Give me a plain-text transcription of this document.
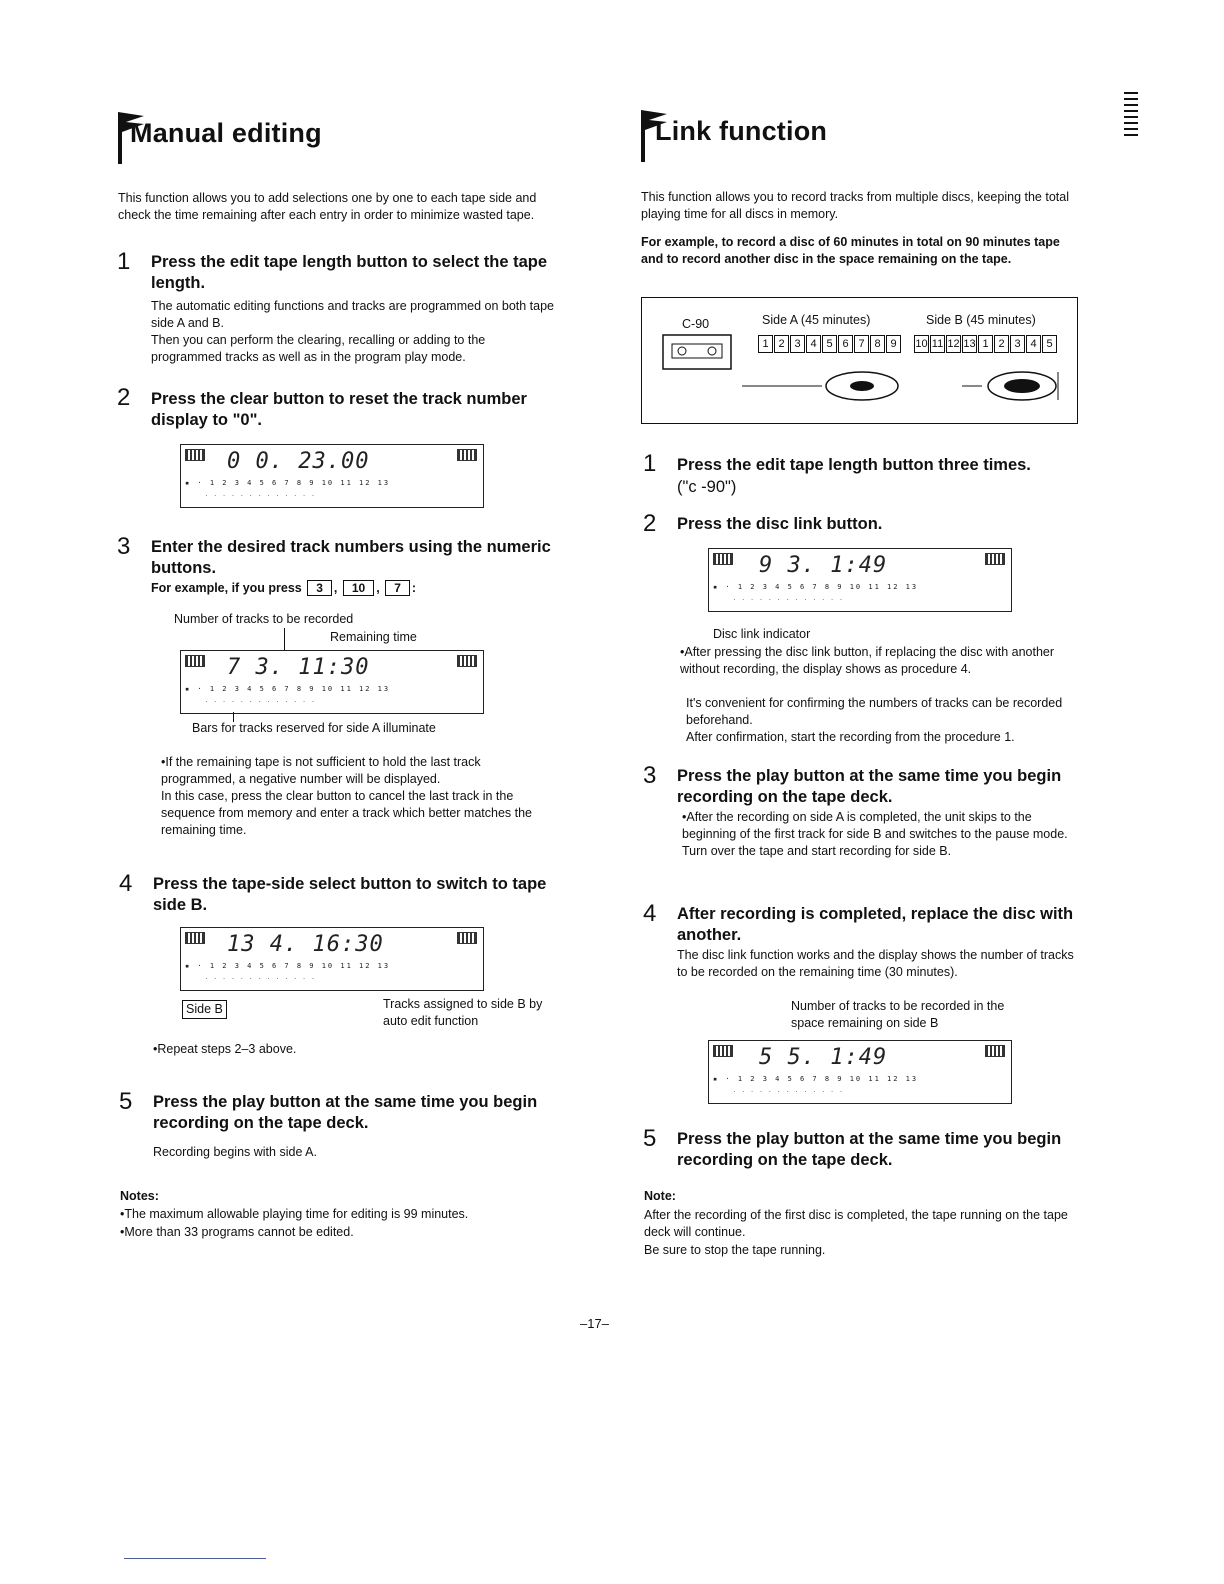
Manual editing
This function allows you to add selections one by one to each tape side and check the time remaining after each entry in order to minimize wasted tape.
1 Press the edit tape length button to select the tape length.
The automatic editing functions and tracks are programmed on both tape side A and B.
Then you can perform the clearing, recalling or adding to the programmed tracks as well as in the program play mode.
2 Press the clear button to reset the track number display to "0".
0 0. 23.00
▪ · 1 2 3 4 5 6 7 8 9 10 11 12 13
· · · · · · · · · · · · ·
3 Enter the desired track numbers using the numeric buttons.
For example, if you press 3 , 10 , 7 :
Number of tracks to be recorded
Remaining time
7 3. 11:30
▪ · 1 2 3 4 5 6 7 8 9 10 11 12 13
· · · · · · · · · · · · ·
Bars for tracks reserved for side A illuminate
•If the remaining tape is not sufficient to hold the last track programmed, a negative number will be displayed.
In this case, press the clear button to cancel the last track in the sequence from memory and enter a track which better matches the remaining time.
4 Press the tape-side select button to switch to tape side B.
13 4. 16:30
▪ · 1 2 3 4 5 6 7 8 9 10 11 12 13
· · · · · · · · · · · · ·
Side B	Tracks assigned to side B by auto edit function
•Repeat steps 2–3 above.
5 Press the play button at the same time you begin recording on the tape deck.
Recording begins with side A.
Notes:
•The maximum allowable playing time for editing is 99 minutes.
•More than 33 programs cannot be edited.
Link function
This function allows you to record tracks from multiple discs, keeping the total playing time for all discs in memory.
For example, to record a disc of 60 minutes in total on 90 minutes tape and to record another disc in the space remaining on the tape.
C-90	Side A (45 minutes)	Side B (45 minutes)
1 2 3 4 5 6 7 8 9	10 11 12 13 1 2 3 4 5
1 Press the edit tape length button three times.
("c -90")
2 Press the disc link button.
9 3. 1:49
▪ · 1 2 3 4 5 6 7 8 9 10 11 12 13
· · · · · · · · · · · · ·
Disc link indicator
•After pressing the disc link button, if replacing the disc with another without recording, the display shows as procedure 4.
It's convenient for confirming the numbers of tracks can be recorded beforehand.
After confirmation, start the recording from the procedure 1.
3 Press the play button at the same time you begin recording on the tape deck.
•After the recording on side A is completed, the unit skips to the beginning of the first track for side B and switches to the pause mode. Turn over the tape and start recording for side B.
4 After recording is completed, replace the disc with another.
The disc link function works and the display shows the number of tracks to be recorded on the remaining time (30 minutes).
Number of tracks to be recorded in the space remaining on side B
5 5. 1:49
▪ · 1 2 3 4 5 6 7 8 9 10 11 12 13
· · · · · · · · · · · · ·
5 Press the play button at the same time you begin recording on the tape deck.
Note:
After the recording of the first disc is completed, the tape running on the tape deck will continue.
Be sure to stop the tape running.
–17–
